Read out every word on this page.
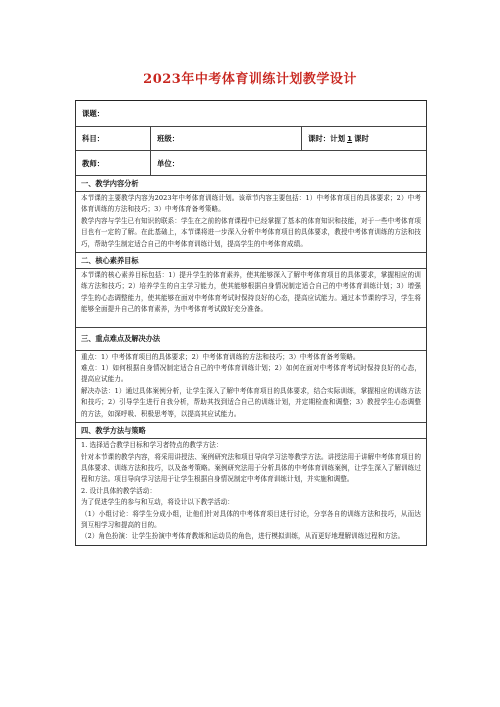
2023年中考体育训练计划教学设计
课题：
科目：	班级：	课时：计划 1 课时
教师：	单位：
一、教学内容分析

本节课的主要教学内容为2023年中考体育训练计划。该章节内容主要包括：1）中考体育项目的具体要求；2）中考体育训练的方法和技巧；3）中考体育备考策略。

教学内容与学生已有知识的联系：学生在之前的体育课程中已经掌握了基本的体育知识和技能，对于一些中考体育项目也有一定的了解。在此基础上，本节课将进一步深入分析中考体育项目的具体要求，教授中考体育训练的方法和技巧，帮助学生制定适合自己的中考体育训练计划，提高学生的中考体育成绩。

二、核心素养目标

本节课的核心素养目标包括：1）提升学生的体育素养，使其能够深入了解中考体育项目的具体要求，掌握相应的训练方法和技巧；2）培养学生的自主学习能力，使其能够根据自身情况制定适合自己的中考体育训练计划；3）增强学生的心态调整能力，使其能够在面对中考体育考试时保持良好的心态，提高应试能力。通过本节课的学习，学生将能够全面提升自己的体育素养，为中考体育考试做好充分准备。

三、重点难点及解决办法

重点：1）中考体育项目的具体要求；2）中考体育训练的方法和技巧；3）中考体育备考策略。

难点：1）如何根据自身情况制定适合自己的中考体育训练计划；2）如何在面对中考体育考试时保持良好的心态，提高应试能力。

解决办法：1）通过具体案例分析，让学生深入了解中考体育项目的具体要求，结合实际训练，掌握相应的训练方法和技巧；2）引导学生进行自我分析，帮助其找到适合自己的训练计划，并定期检查和调整；3）教授学生心态调整的方法，如深呼吸、积极思考等，以提高其应试能力。

四、教学方法与策略

1. 选择适合教学目标和学习者特点的教学方法：

针对本节课的教学内容，将采用讲授法、案例研究法和项目导向学习法等教学方法。讲授法用于讲解中考体育项目的具体要求、训练方法和技巧，以及备考策略。案例研究法用于分析具体的中考体育训练案例，让学生深入了解训练过程和方法。项目导向学习法用于让学生根据自身情况制定中考体育训练计划，并实施和调整。

2. 设计具体的教学活动：

为了促进学生的参与和互动，将设计以下教学活动：

（1）小组讨论：将学生分成小组，让他们针对具体的中考体育项目进行讨论，分享各自的训练方法和技巧，从而达到互相学习和提高的目的。

（2）角色扮演：让学生扮演中考体育教练和运动员的角色，进行模拟训练，从而更好地理解训练过程和方法。
